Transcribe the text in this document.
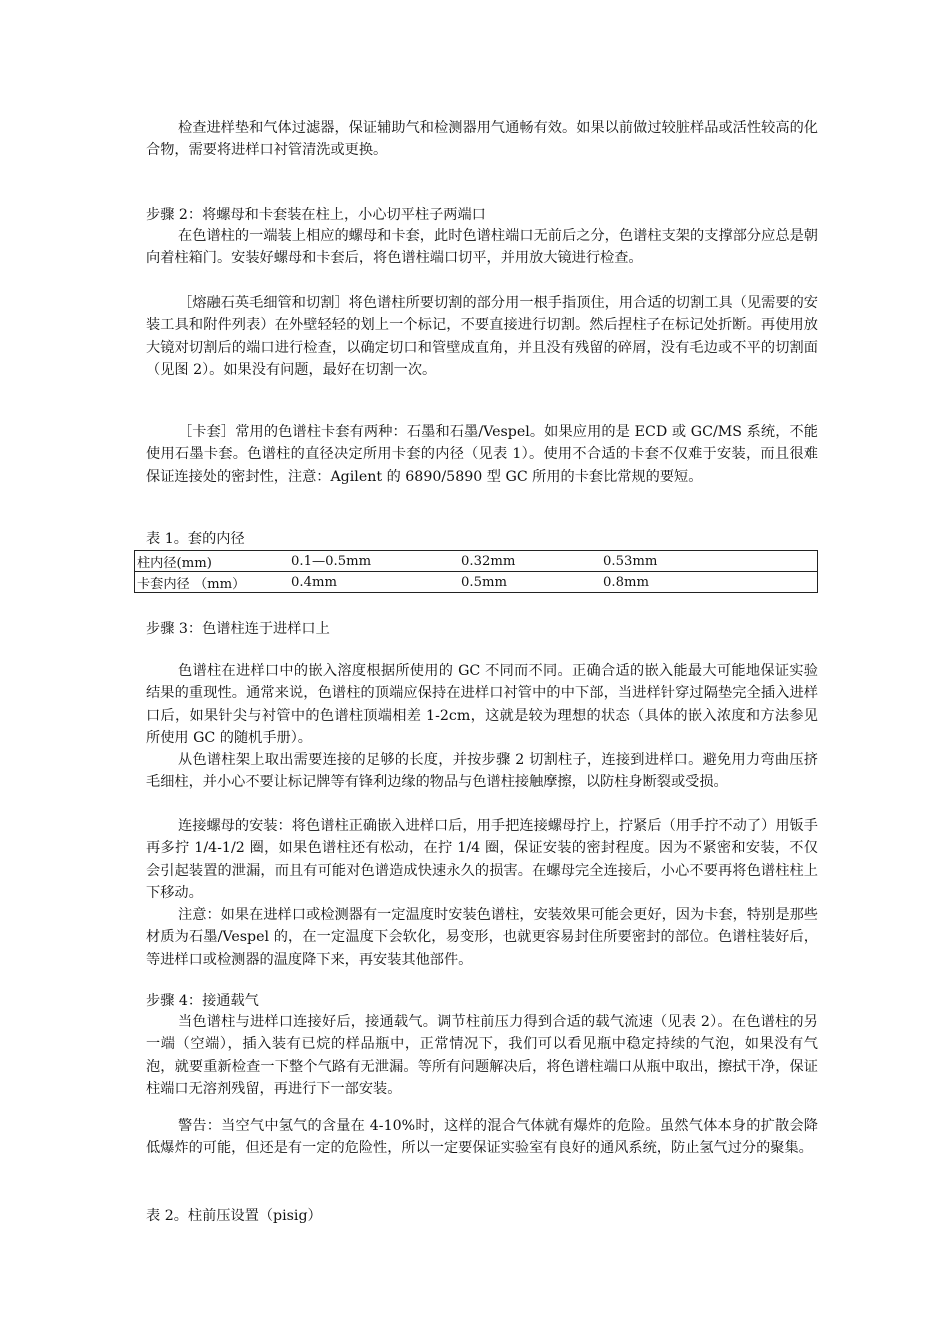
检查进样垫和气体过滤器，保证辅助气和检测器用气通畅有效。如果以前做过较脏样品或活性较高的化合物，需要将进样口衬管清洗或更换。

步骤 2：将螺母和卡套装在柱上，小心切平柱子两端口

在色谱柱的一端装上相应的螺母和卡套，此时色谱柱端口无前后之分，色谱柱支架的支撑部分应总是朝向着柱箱门。安装好螺母和卡套后，将色谱柱端口切平，并用放大镜进行检查。

［熔融石英毛细管和切割］将色谱柱所要切割的部分用一根手指顶住，用合适的切割工具（见需要的安装工具和附件列表）在外壁轻轻的划上一个标记，不要直接进行切割。然后捏柱子在标记处折断。再使用放大镜对切割后的端口进行检查，以确定切口和管壁成直角，并且没有残留的碎屑，没有毛边或不平的切割面（见图 2）。如果没有问题，最好在切割一次。

［卡套］常用的色谱柱卡套有两种：石墨和石墨/Vespel。如果应用的是 ECD 或 GC/MS 系统，不能使用石墨卡套。色谱柱的直径决定所用卡套的内径（见表 1）。使用不合适的卡套不仅难于安装，而且很难保证连接处的密封性，注意：Agilent 的 6890/5890 型 GC 所用的卡套比常规的要短。

表 1。套的内径

柱内径(mm)	0.1—0.5mm	0.32mm	0.53mm
卡套内径 （mm）	0.4mm	0.5mm	0.8mm

步骤 3：色谱柱连于进样口上

色谱柱在进样口中的嵌入溶度根据所使用的 GC 不同而不同。正确合适的嵌入能最大可能地保证实验结果的重现性。通常来说，色谱柱的顶端应保持在进样口衬管中的中下部，当进样针穿过隔垫完全插入进样口后，如果针尖与衬管中的色谱柱顶端相差 1-2cm，这就是较为理想的状态（具体的嵌入浓度和方法参见所使用 GC 的随机手册）。

从色谱柱架上取出需要连接的足够的长度，并按步骤 2 切割柱子，连接到进样口。避免用力弯曲压挤毛细柱，并小心不要让标记牌等有锋利边缘的物品与色谱柱接触摩擦，以防柱身断裂或受损。

连接螺母的安装：将色谱柱正确嵌入进样口后，用手把连接螺母拧上，拧紧后（用手拧不动了）用钣手再多拧 1/4-1/2 圈，如果色谱柱还有松动，在拧 1/4 圈，保证安装的密封程度。因为不紧密和安装，不仅会引起装置的泄漏，而且有可能对色谱造成快速永久的损害。在螺母完全连接后，小心不要再将色谱柱柱上下移动。

注意：如果在进样口或检测器有一定温度时安装色谱柱，安装效果可能会更好，因为卡套，特别是那些材质为石墨/Vespel 的，在一定温度下会软化，易变形，也就更容易封住所要密封的部位。色谱柱装好后，等进样口或检测器的温度降下来，再安装其他部件。

步骤 4：接通载气

当色谱柱与进样口连接好后，接通载气。调节柱前压力得到合适的载气流速（见表 2）。在色谱柱的另一端（空端），插入装有已烷的样品瓶中，正常情况下，我们可以看见瓶中稳定持续的气泡，如果没有气泡，就要重新检查一下整个气路有无泄漏。等所有问题解决后，将色谱柱端口从瓶中取出，擦拭干净，保证柱端口无溶剂残留，再进行下一部安装。

警告：当空气中氢气的含量在 4-10%时，这样的混合气体就有爆炸的危险。虽然气体本身的扩散会降低爆炸的可能，但还是有一定的危险性，所以一定要保证实验室有良好的通风系统，防止氢气过分的聚集。

表 2。柱前压设置（pisig）
